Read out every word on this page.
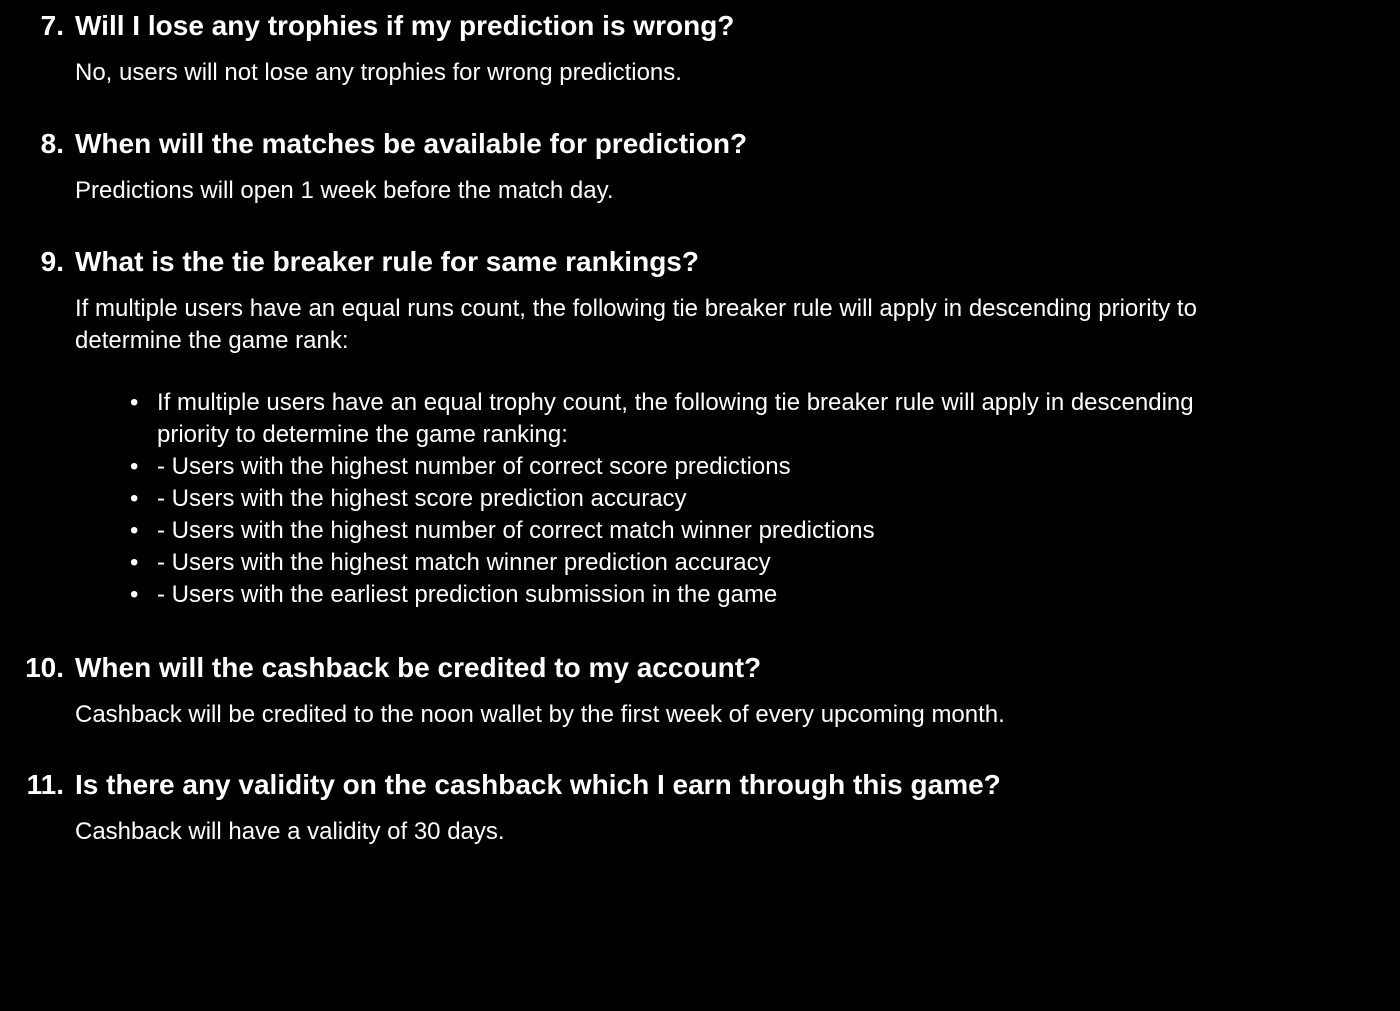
7. Will I lose any trophies if my prediction is wrong?
No, users will not lose any trophies for wrong predictions.
8. When will the matches be available for prediction?
Predictions will open 1 week before the match day.
9. What is the tie breaker rule for same rankings?
If multiple users have an equal runs count, the following tie breaker rule will apply in descending priority to determine the game rank:
• If multiple users have an equal trophy count, the following tie breaker rule will apply in descending priority to determine the game ranking:
• - Users with the highest number of correct score predictions
• - Users with the highest score prediction accuracy
• - Users with the highest number of correct match winner predictions
• - Users with the highest match winner prediction accuracy
• - Users with the earliest prediction submission in the game
10. When will the cashback be credited to my account?
Cashback will be credited to the noon wallet by the first week of every upcoming month.
11. Is there any validity on the cashback which I earn through this game?
Cashback will have a validity of 30 days.
